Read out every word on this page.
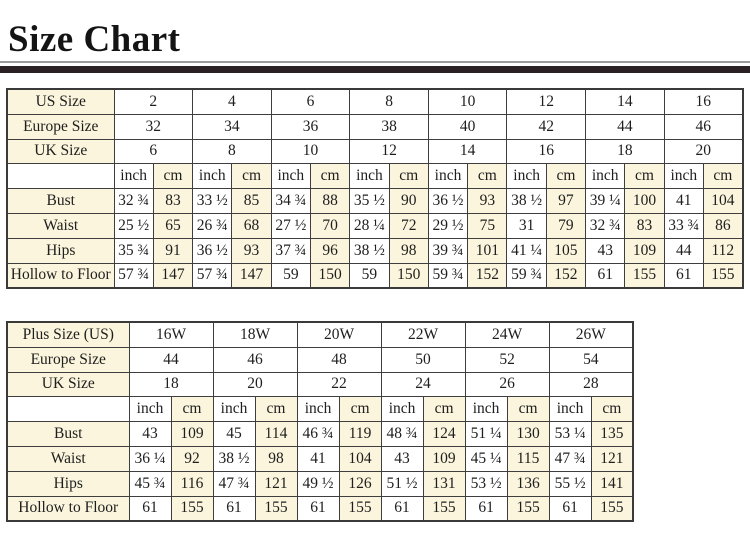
Size Chart
US Size	2		4		6		8		10		12		14		16	
Europe Size	32		34		36		38		40		42		44		46	
UK Size	6		8		10		12		14		16		18		20	
	inch	cm	inch	cm	inch	cm	inch	cm	inch	cm	inch	cm	inch	cm	inch	cm
Bust	32 ¾	83	33 ½	85	34 ¾	88	35 ½	90	36 ½	93	38 ½	97	39 ¼	100	41	104
Waist	25 ½	65	26 ¾	68	27 ½	70	28 ¼	72	29 ½	75	31	79	32 ¾	83	33 ¾	86
Hips	35 ¾	91	36 ½	93	37 ¾	96	38 ½	98	39 ¾	101	41 ¼	105	43	109	44	112
Hollow to Floor	57 ¾	147	57 ¾	147	59	150	59	150	59 ¾	152	59 ¾	152	61	155	61	155
Plus Size (US)	16W		18W		20W		22W		24W		26W	
Europe Size	44		46		48		50		52		54	
UK Size	18		20		22		24		26		28	
	inch	cm	inch	cm	inch	cm	inch	cm	inch	cm	inch	cm
Bust	43	109	45	114	46 ¾	119	48 ¾	124	51 ¼	130	53 ¼	135
Waist	36 ¼	92	38 ½	98	41	104	43	109	45 ¼	115	47 ¾	121
Hips	45 ¾	116	47 ¾	121	49 ½	126	51 ½	131	53 ½	136	55 ½	141
Hollow to Floor	61	155	61	155	61	155	61	155	61	155	61	155
